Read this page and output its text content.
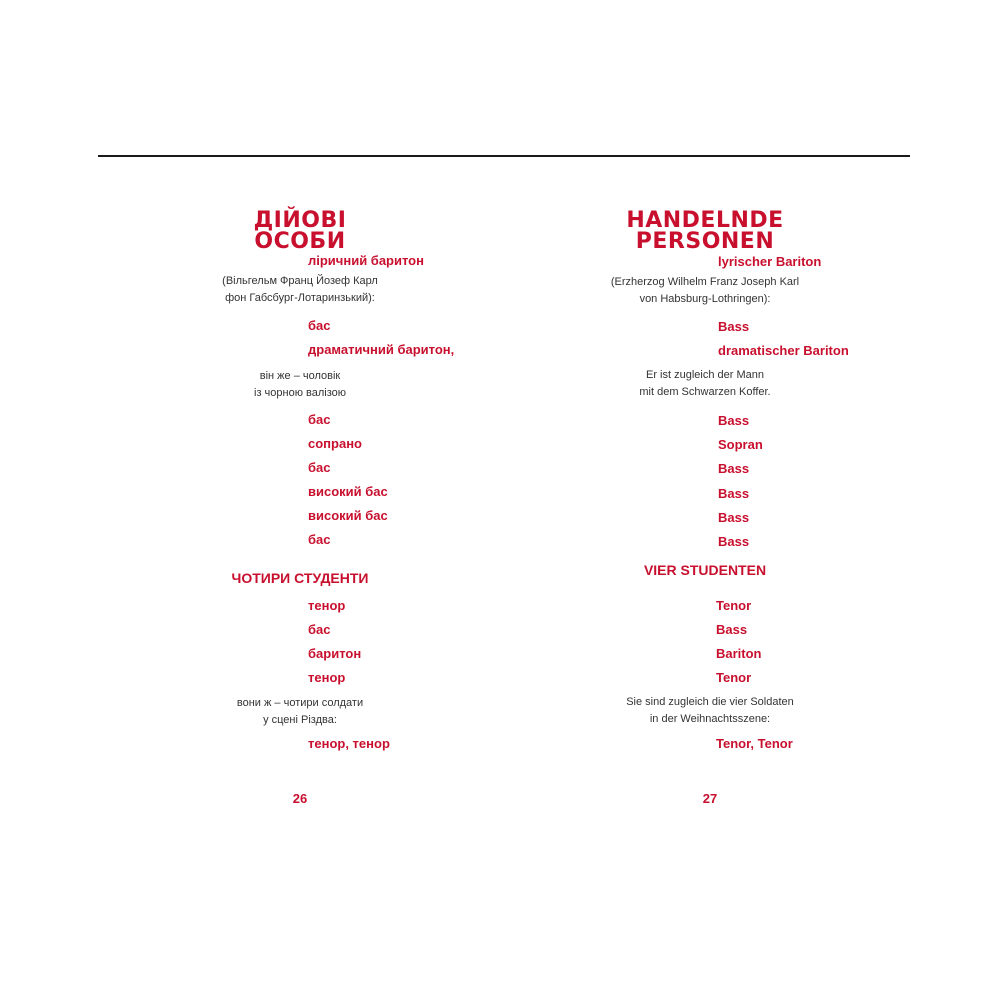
ДІЙОВІ
ОСОБИ
ліричний баритон
(Вільгельм Франц Йозеф Карл
фон Габсбург-Лотаринзький):
бас
драматичний баритон,
він же – чоловік
із чорною валізою
бас
сопрано
бас
високий бас
високий бас
бас
ЧОТИРИ СТУДЕНТИ
тенор
бас
баритон
тенор
вони ж – чотири солдати
у сцені Різдва:
тенор, тенор
26
HANDELNDE
PERSONEN
lyrischer Bariton
(Erzherzog Wilhelm Franz Joseph Karl
von Habsburg-Lothringen):
Bass
dramatischer Bariton
Er ist zugleich der Mann
mit dem Schwarzen Koffer.
Bass
Sopran
Bass
Bass
Bass
Bass
VIER STUDENTEN
Tenor
Bass
Bariton
Tenor
Sie sind zugleich die vier Soldaten
in der Weihnachtsszene:
Tenor, Tenor
27
